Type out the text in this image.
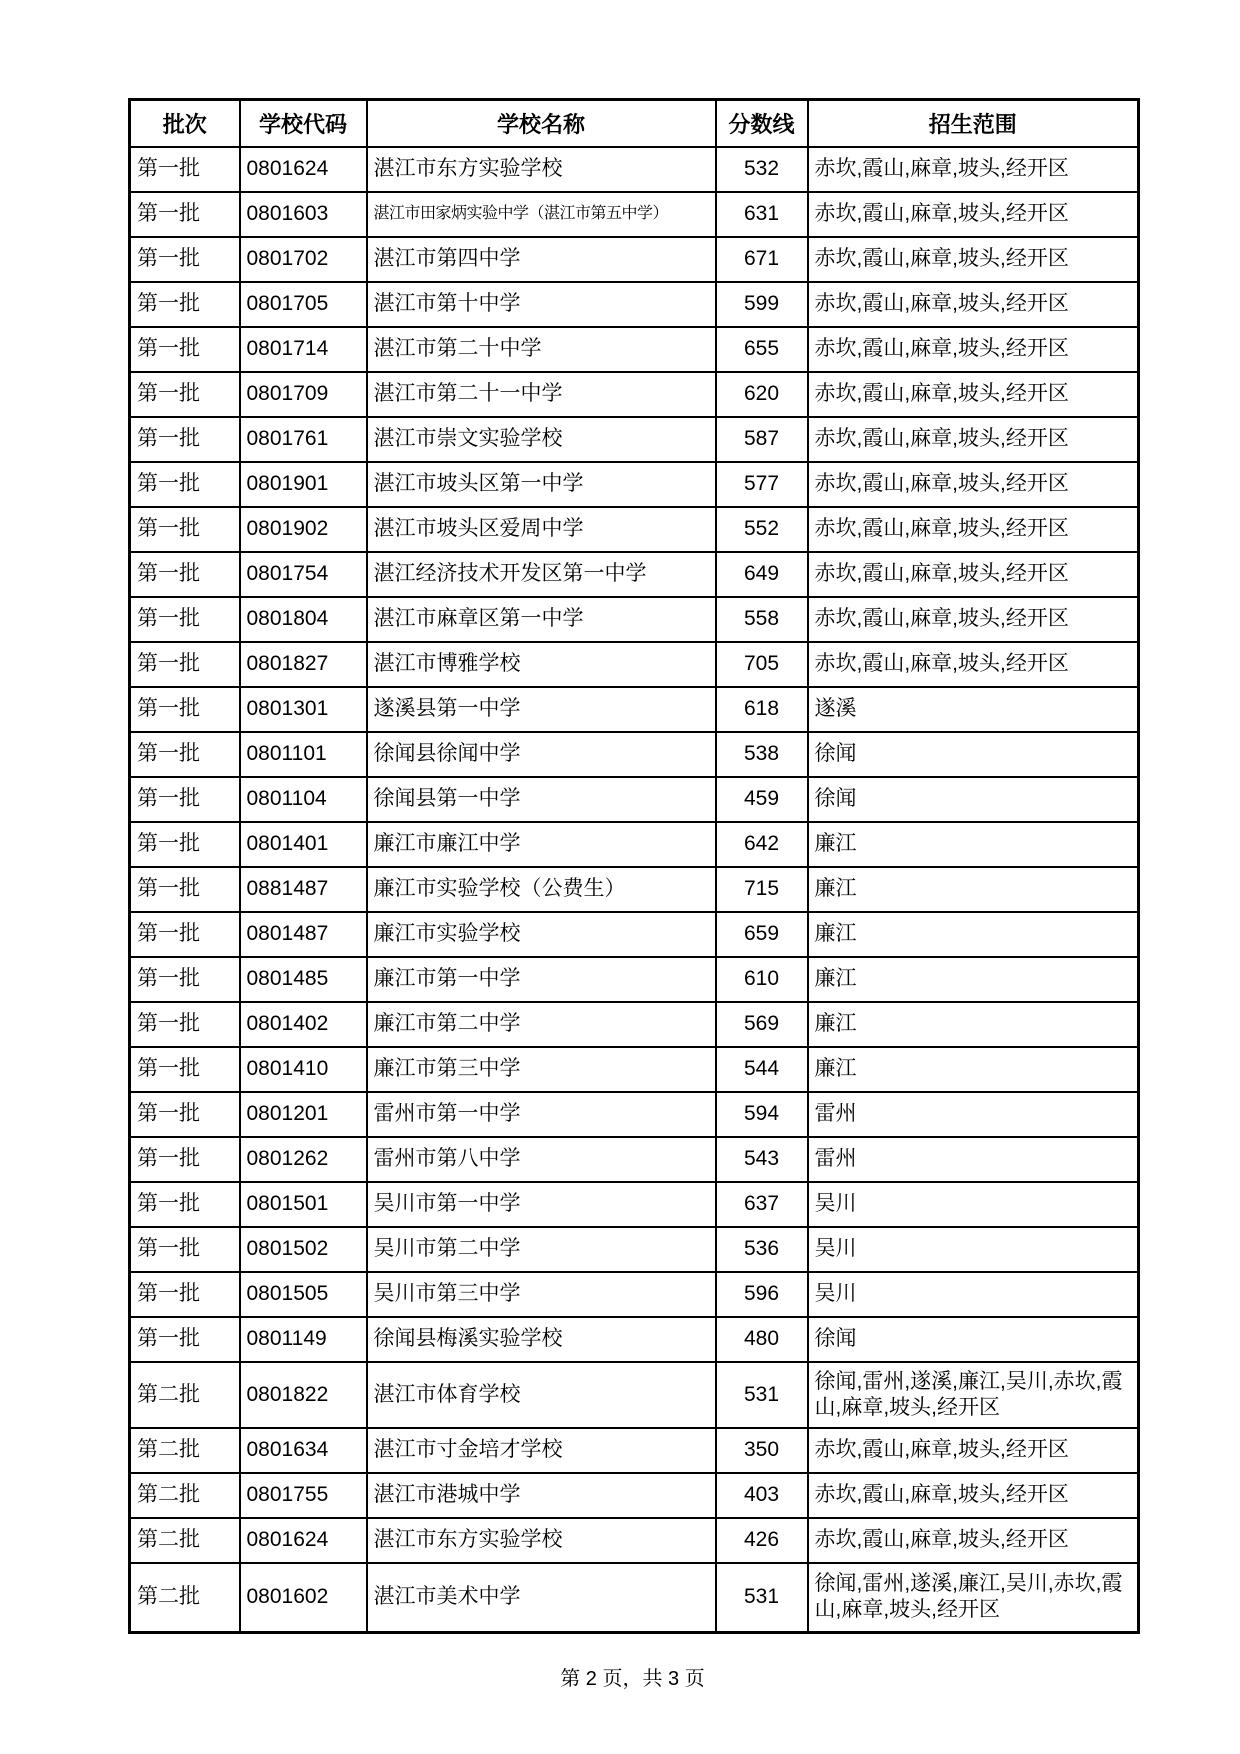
批次	学校代码	学校名称	分数线	招生范围
第一批	0801624	湛江市东方实验学校	532	赤坎,霞山,麻章,坡头,经开区
第一批	0801603	湛江市田家炳实验中学（湛江市第五中学）	631	赤坎,霞山,麻章,坡头,经开区
第一批	0801702	湛江市第四中学	671	赤坎,霞山,麻章,坡头,经开区
第一批	0801705	湛江市第十中学	599	赤坎,霞山,麻章,坡头,经开区
第一批	0801714	湛江市第二十中学	655	赤坎,霞山,麻章,坡头,经开区
第一批	0801709	湛江市第二十一中学	620	赤坎,霞山,麻章,坡头,经开区
第一批	0801761	湛江市崇文实验学校	587	赤坎,霞山,麻章,坡头,经开区
第一批	0801901	湛江市坡头区第一中学	577	赤坎,霞山,麻章,坡头,经开区
第一批	0801902	湛江市坡头区爱周中学	552	赤坎,霞山,麻章,坡头,经开区
第一批	0801754	湛江经济技术开发区第一中学	649	赤坎,霞山,麻章,坡头,经开区
第一批	0801804	湛江市麻章区第一中学	558	赤坎,霞山,麻章,坡头,经开区
第一批	0801827	湛江市博雅学校	705	赤坎,霞山,麻章,坡头,经开区
第一批	0801301	遂溪县第一中学	618	遂溪
第一批	0801101	徐闻县徐闻中学	538	徐闻
第一批	0801104	徐闻县第一中学	459	徐闻
第一批	0801401	廉江市廉江中学	642	廉江
第一批	0881487	廉江市实验学校（公费生）	715	廉江
第一批	0801487	廉江市实验学校	659	廉江
第一批	0801485	廉江市第一中学	610	廉江
第一批	0801402	廉江市第二中学	569	廉江
第一批	0801410	廉江市第三中学	544	廉江
第一批	0801201	雷州市第一中学	594	雷州
第一批	0801262	雷州市第八中学	543	雷州
第一批	0801501	吴川市第一中学	637	吴川
第一批	0801502	吴川市第二中学	536	吴川
第一批	0801505	吴川市第三中学	596	吴川
第一批	0801149	徐闻县梅溪实验学校	480	徐闻
第二批	0801822	湛江市体育学校	531	徐闻,雷州,遂溪,廉江,吴川,赤坎,霞山,麻章,坡头,经开区
第二批	0801634	湛江市寸金培才学校	350	赤坎,霞山,麻章,坡头,经开区
第二批	0801755	湛江市港城中学	403	赤坎,霞山,麻章,坡头,经开区
第二批	0801624	湛江市东方实验学校	426	赤坎,霞山,麻章,坡头,经开区
第二批	0801602	湛江市美术中学	531	徐闻,雷州,遂溪,廉江,吴川,赤坎,霞山,麻章,坡头,经开区
第 2 页，共 3 页
